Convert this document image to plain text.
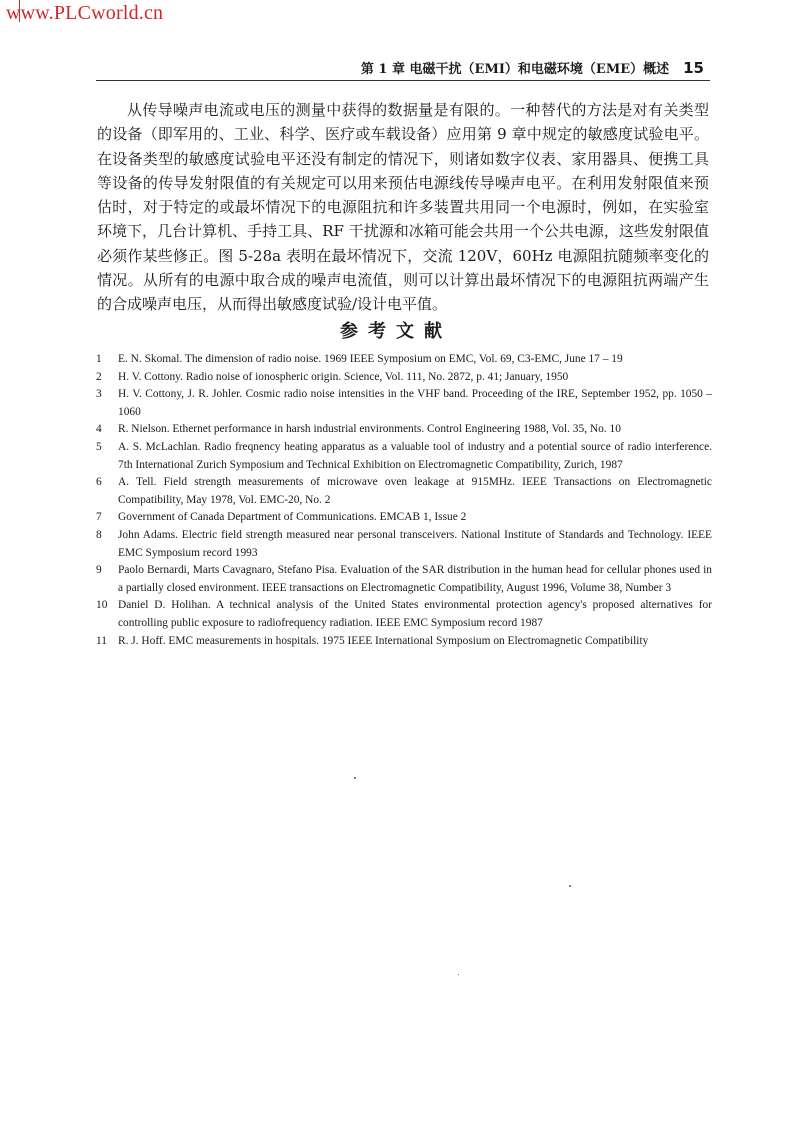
www.PLCworld.cn
第 1 章 电磁干扰（EMI）和电磁环境（EME）概述 15

从传导噪声电流或电压的测量中获得的数据量是有限的。一种替代的方法是对有关类型的设备（即军用的、工业、科学、医疗或车载设备）应用第 9 章中规定的敏感度试验电平。在设备类型的敏感度试验电平还没有制定的情况下，则诸如数字仪表、家用器具、便携工具等设备的传导发射限值的有关规定可以用来预估电源线传导噪声电平。在利用发射限值来预估时，对于特定的或最坏情况下的电源阻抗和许多装置共用同一个电源时，例如，在实验室环境下，几台计算机、手持工具、RF 干扰源和冰箱可能会共用一个公共电源，这些发射限值必须作某些修正。图 5-28a 表明在最坏情况下，交流 120V，60Hz 电源阻抗随频率变化的情况。从所有的电源中取合成的噪声电流值，则可以计算出最坏情况下的电源阻抗两端产生的合成噪声电压，从而得出敏感度试验/设计电平值。

参考文献
1	E. N. Skomal. The dimension of radio noise. 1969 IEEE Symposium on EMC, Vol. 69, C3-EMC, June 17 – 19
2	H. V. Cottony. Radio noise of ionospheric origin. Science, Vol. 111, No. 2872, p. 41; January, 1950
3	H. V. Cottony, J. R. Johler. Cosmic radio noise intensities in the VHF band. Proceeding of the IRE, September 1952, pp. 1050 – 1060
4	R. Nielson. Ethernet performance in harsh industrial environments. Control Engineering 1988, Vol. 35, No. 10
5	A. S. McLachlan. Radio freqnency heating apparatus as a valuable tool of industry and a potential source of radio interference. 7th International Zurich Symposium and Technical Exhibition on Electromagnetic Compatibility, Zurich, 1987
6	A. Tell. Field strength measurements of microwave oven leakage at 915MHz. IEEE Transactions on Electromagnetic Compatibility, May 1978, Vol. EMC-20, No. 2
7	Government of Canada Department of Communications. EMCAB 1, Issue 2
8	John Adams. Electric field strength measured near personal transceivers. National Institute of Standards and Technology. IEEE EMC Symposium record 1993
9	Paolo Bernardi, Marts Cavagnaro, Stefano Pisa. Evaluation of the SAR distribution in the human head for cellular phones used in a partially closed environment. IEEE transactions on Electromagnetic Compatibility, August 1996, Volume 38, Number 3
10 Daniel D. Holihan. A technical analysis of the United States environmental protection agency's proposed alternatives for controlling public exposure to radiofrequency radiation. IEEE EMC Symposium record 1987
11 R. J. Hoff. EMC measurements in hospitals. 1975 IEEE International Symposium on Electromagnetic Compatibility
